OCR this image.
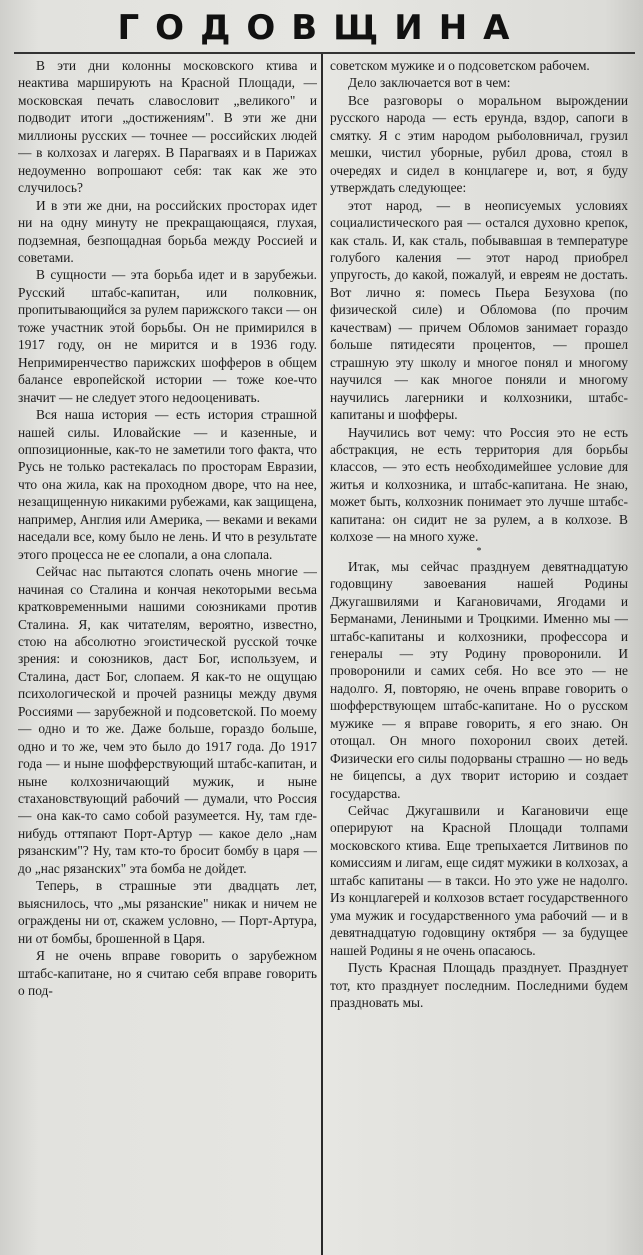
ГОДОВЩИНА

В эти дни колонны московского ктива и неактива марширують на Красной Площади, — московская печать славословит „великого" и подводит итоги „достижениям". В эти же дни миллионы русских — точнее — российских людей — в колхозах и лагерях. В Парагваях и в Парижах недоуменно вопрошают себя: так как же это случилось?

И в эти же дни, на российских просторах идет ни на одну минуту не прекращающаяся, глухая, подземная, безпощадная борьба между Россией и советами.

В сущности — эта борьба идет и в зарубежьи. Русский штабс-капитан, или полковник, пропитывающийся за рулем парижского такси — он тоже участник этой борьбы. Он не примирился в 1917 году, он не мирится и в 1936 году. Непримиренчество парижских шофферов в общем балансе европейской истории — тоже кое-что значит — не следует этого недооценивать.

Вся наша история — есть история страшной нашей силы. Иловайские — и казенные, и оппозиционные, как-то не заметили того факта, что Русь не только растекалась по просторам Евразии, что она жила, как на проходном дворе, что на нее, незащищенную никакими рубежами, как защищена, например, Англия или Америка, — веками и веками наседали все, кому было не лень. И что в результате этого процесса не ее слопали, а она слопала.

Сейчас нас пытаются слопать очень многие — начиная со Сталина и кончая некоторыми весьма кратковременными нашими союзниками против Сталина. Я, как читателям, вероятно, известно, стою на абсолютно эгоистической русской точке зрения: и союзников, даст Бог, используем, и Сталина, даст Бог, слопаем. Я как-то не ощущаю психологической и прочей разницы между двумя Россиями — зарубежной и подсоветской. По моему — одно и то же. Даже больше, гораздо больше, одно и то же, чем это было до 1917 года. До 1917 года — и ныне шофферствующий штабс-капитан, и ныне колхозничающий мужик, и ныне стахановствующий рабочий — думали, что Россия — она как-то само собой разумеется. Ну, там где-нибудь оттяпают Порт-Артур — какое дело „нам рязанским"? Ну, там кто-то бросит бомбу в царя — до „нас рязанских" эта бомба не дойдет.

Теперь, в страшные эти двадцать лет, выяснилось, что „мы рязанские" никак и ничем не ограждены ни от, скажем условно, — Порт-Артура, ни от бомбы, брошенной в Царя.

Я не очень вправе говорить о зарубежном штабс-капитане, но я считаю себя вправе говорить о под-

советском мужике и о подсоветском рабочем.

Дело заключается вот в чем:

Все разговоры о моральном вырождении русского народа — есть ерунда, вздор, сапоги в смятку. Я с этим народом рыболовничал, грузил мешки, чистил уборные, рубил дрова, стоял в очередях и сидел в концлагере и, вот, я буду утверждать следующее:

этот народ, — в неописуемых условиях социалистического рая — остался духовно крепок, как сталь. И, как сталь, побывавшая в температуре голубого каления — этот народ приобрел упругость, до какой, пожалуй, и евреям не достать. Вот лично я: помесь Пьера Безухова (по физической силе) и Обломова (по прочим качествам) — причем Обломов занимает гораздо больше пятидесяти процентов, — прошел страшную эту школу и многое понял и многому научился — как многое поняли и многому научились лагерники и колхозники, штабс-капитаны и шофферы.

Научились вот чему: что Россия это не есть абстракция, не есть территория для борьбы классов, — это есть необходимейшее условие для житья и колхозника, и штабс-капитана. Не знаю, может быть, колхозник понимает это лучше штабс-капитана: он сидит не за рулем, а в колхозе. В колхозе — на много хуже.

*

Итак, мы сейчас празднуем девятнадцатую годовщину завоевания нашей Родины Джугашвилями и Кагановичами, Ягодами и Берманами, Лениными и Троцкими. Именно мы — штабс-капитаны и колхозники, профессора и генералы — эту Родину проворонили. И проворонили и самих себя. Но все это — не надолго. Я, повторяю, не очень вправе говорить о шофферствующем штабс-капитане. Но о русском мужике — я вправе говорить, я его знаю. Он отощал. Он много похоронил своих детей. Физически его силы подорваны страшно — но ведь не бицепсы, а дух творит историю и создает государства.

Сейчас Джугашвили и Кагановичи еще оперируют на Красной Площади толпами московского ктива. Еще трепыхается Литвинов по комиссиям и лигам, еще сидят мужики в колхозах, а штабс капитаны — в такси. Но это уже не надолго. Из концлагерей и колхозов встает государственного ума мужик и государственного ума рабочий — и в девятнадцатую годовщину октября — за будущее нашей Родины я не очень опасаюсь.

Пусть Красная Площадь празднует. Празднует тот, кто празднует последним. Последними будем праздновать мы.
